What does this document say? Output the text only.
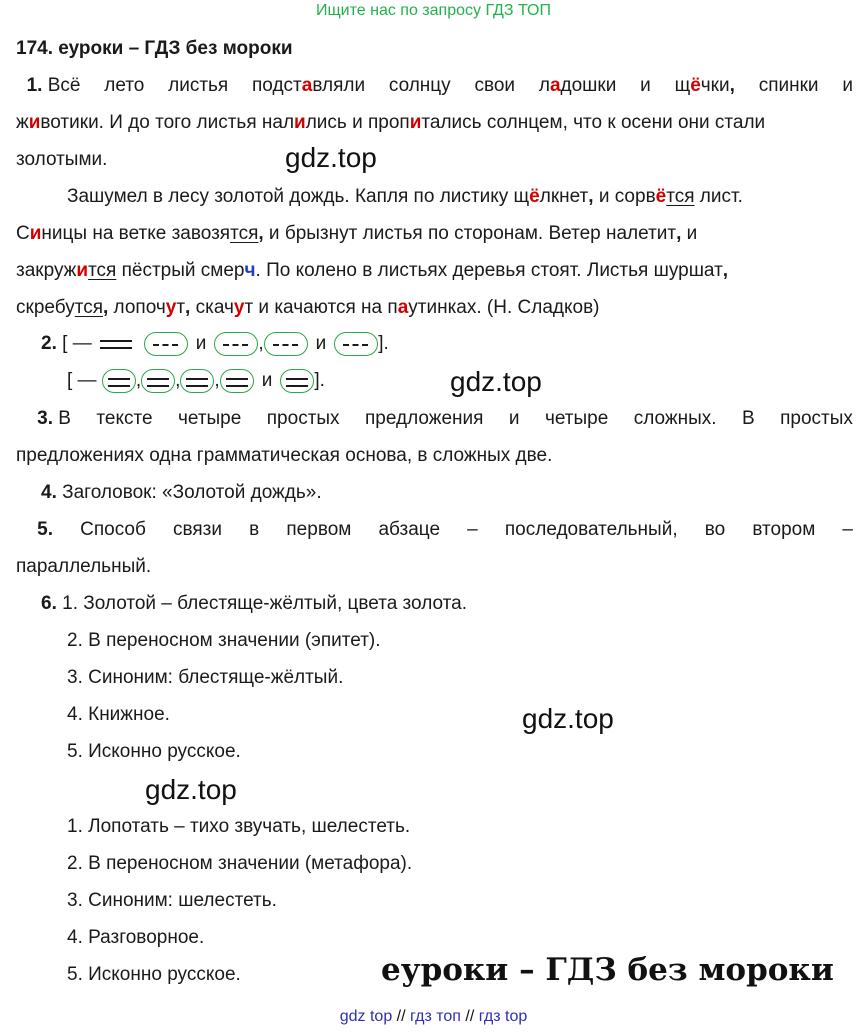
Ищите нас по запросу ГДЗ ТОП
174. еуроки – ГДЗ без мороки
1. Всё лето листья подставляли солнцу свои ладошки и щёчки, спинки и
животики. И до того листья налились и пропитались солнцем, что к осени они стали
золотыми.	gdz.top
Зашумел в лесу золотой дождь. Капля по листику щёлкнет, и сорвётся лист.
Синицы на ветке завозятся, и брызнут листья по сторонам. Ветер налетит, и
закружится пёстрый смерч. По колено в листьях деревья стоят. Листья шуршат,
скребутся, лопочут, скачут и качаются на паутинках. (Н. Сладков)
2.
[ —	и	,	и	].
[ —
, , , и ].	gdz.top
3. В тексте четыре простых предложения и четыре сложных. В простых
предложениях одна грамматическая основа, в сложных две.
4. Заголовок: «Золотой дождь».
5. Способ связи в первом абзаце – последовательный, во втором –
параллельный.
6. 1. Золотой – блестяще-жёлтый, цвета золота.
2. В переносном значении (эпитет).
3. Синоним: блестяще-жёлтый.
4. Книжное.
5. Исконно русское.
gdz.top
gdz.top
1. Лопотать – тихо звучать, шелестеть.
2. В переносном значении (метафора).
3. Синоним: шелестеть.
4. Разговорное.
5. Исконно русское.	еуроки – ГДЗ без мороки
gdz top // гдз топ // гдз top
